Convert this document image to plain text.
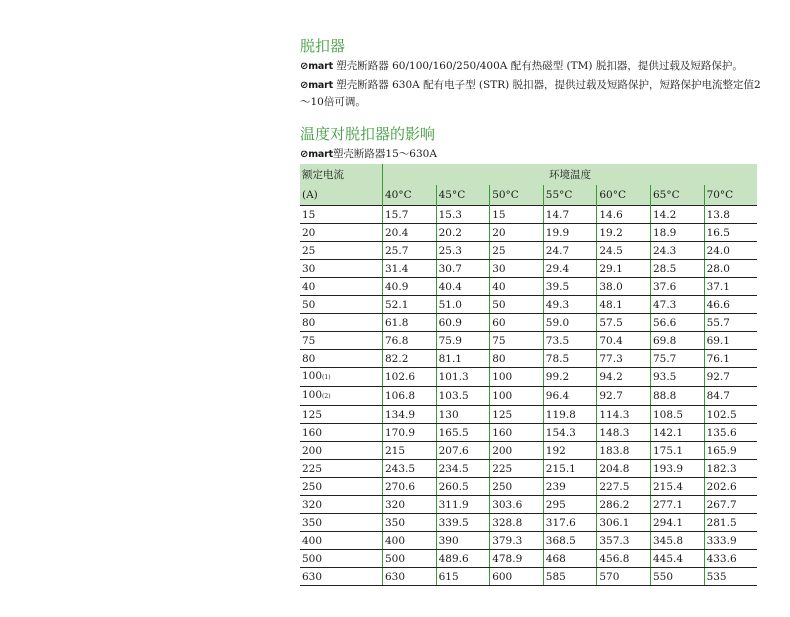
脱扣器

⊘mart 塑壳断路器 60/100/160/250/400A 配有热磁型 (TM) 脱扣器，提供过载及短路保护。

⊘mart 塑壳断路器 630A 配有电子型 (STR) 脱扣器，提供过载及短路保护，短路保护电流整定值2～10倍可调。

温度对脱扣器的影响

⊘mart塑壳断路器15～630A

额定电流	环境温度						
(A)	40°C	45°C	50°C	55°C	60°C	65°C	70°C
15	15.7	15.3	15	14.7	14.6	14.2	13.8
20	20.4	20.2	20	19.9	19.2	18.9	16.5
25	25.7	25.3	25	24.7	24.5	24.3	24.0
30	31.4	30.7	30	29.4	29.1	28.5	28.0
40	40.9	40.4	40	39.5	38.0	37.6	37.1
50	52.1	51.0	50	49.3	48.1	47.3	46.6
80	61.8	60.9	60	59.0	57.5	56.6	55.7
75	76.8	75.9	75	73.5	70.4	69.8	69.1
80	82.2	81.1	80	78.5	77.3	75.7	76.1
100(1)	102.6	101.3	100	99.2	94.2	93.5	92.7
100(2)	106.8	103.5	100	96.4	92.7	88.8	84.7
125	134.9	130	125	119.8	114.3	108.5	102.5
160	170.9	165.5	160	154.3	148.3	142.1	135.6
200	215	207.6	200	192	183.8	175.1	165.9
225	243.5	234.5	225	215.1	204.8	193.9	182.3
250	270.6	260.5	250	239	227.5	215.4	202.6
320	320	311.9	303.6	295	286.2	277.1	267.7
350	350	339.5	328.8	317.6	306.1	294.1	281.5
400	400	390	379.3	368.5	357.3	345.8	333.9
500	500	489.6	478.9	468	456.8	445.4	433.6
630	630	615	600	585	570	550	535
